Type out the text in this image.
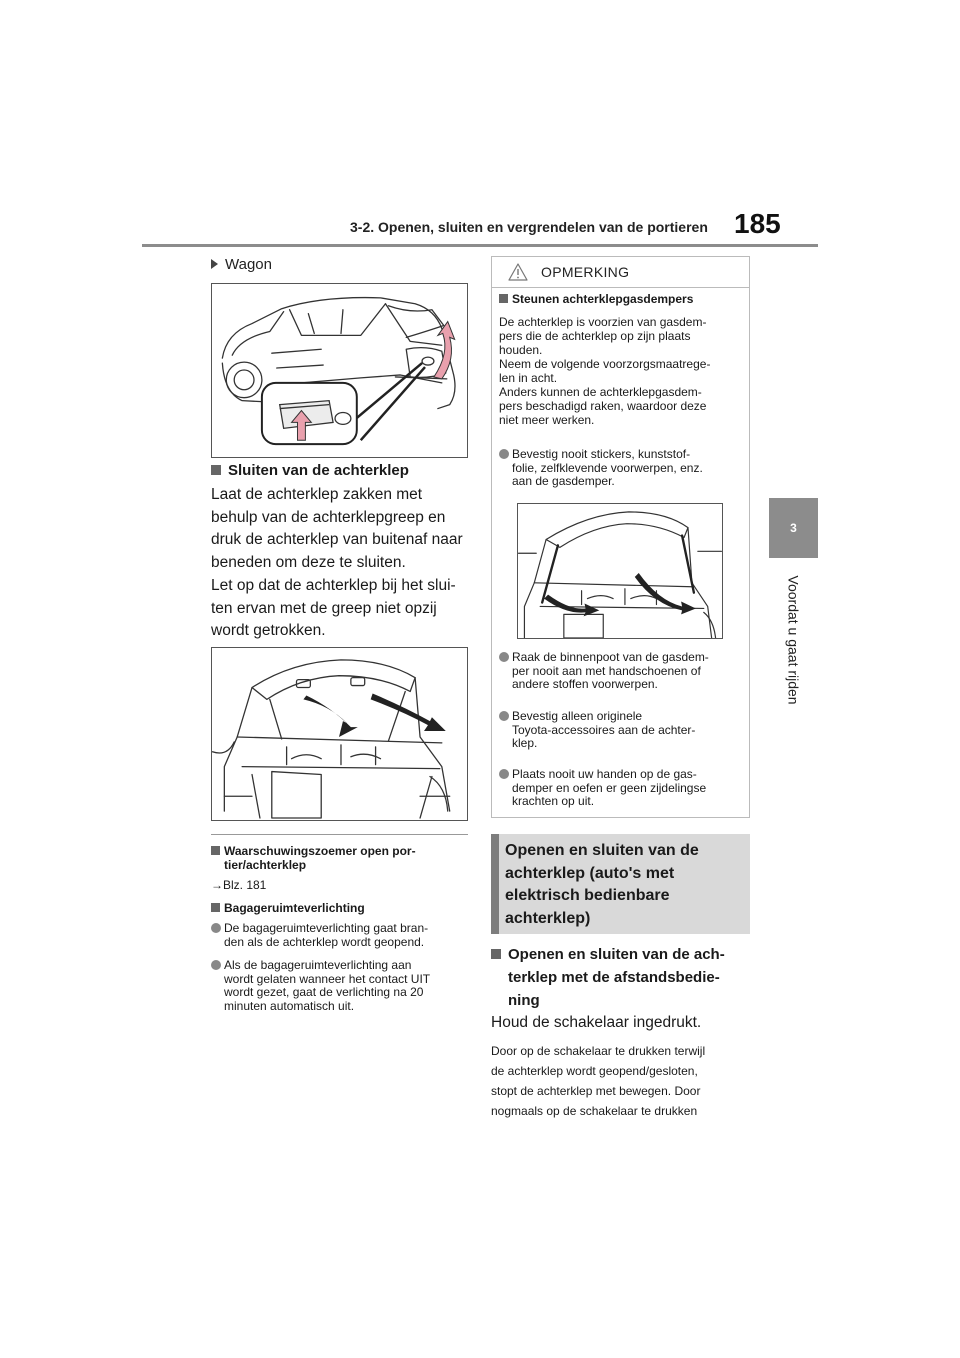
3-2. Openen, sluiten en vergrendelen van de portieren 185
3
Voordat u gaat rijden
Wagon
Sluiten van de achterklep
Laat de achterklep zakken met
behulp van de achterklepgreep en
druk de achterklep van buitenaf naar
beneden om deze te sluiten.
Let op dat de achterklep bij het slui-
ten ervan met de greep niet opzij
wordt getrokken.
Waarschuwingszoemer open por-
tier/achterklep
→Blz. 181
Bagageruimteverlichting
De bagageruimteverlichting gaat bran-
den als de achterklep wordt geopend.
Als de bagageruimteverlichting aan
wordt gelaten wanneer het contact UIT
wordt gezet, gaat de verlichting na 20
minuten automatisch uit.
OPMERKING
Steunen achterklepgasdempers
De achterklep is voorzien van gasdem-
pers die de achterklep op zijn plaats
houden.
Neem de volgende voorzorgsmaatrege-
len in acht.
Anders kunnen de achterklepgasdem-
pers beschadigd raken, waardoor deze
niet meer werken.
Bevestig nooit stickers, kunststof-
folie, zelfklevende voorwerpen, enz.
aan de gasdemper.
Raak de binnenpoot van de gasdem-
per nooit aan met handschoenen of
andere stoffen voorwerpen.
Bevestig alleen originele
Toyota-accessoires aan de achter-
klep.
Plaats nooit uw handen op de gas-
demper en oefen er geen zijdelingse
krachten op uit.
Openen en sluiten van de
achterklep (auto's met
elektrisch bedienbare
achterklep)
Openen en sluiten van de ach-
terklep met de afstandsbedie-
ning
Houd de schakelaar ingedrukt.
Door op de schakelaar te drukken terwijl
de achterklep wordt geopend/gesloten,
stopt de achterklep met bewegen. Door
nogmaals op de schakelaar te drukken
